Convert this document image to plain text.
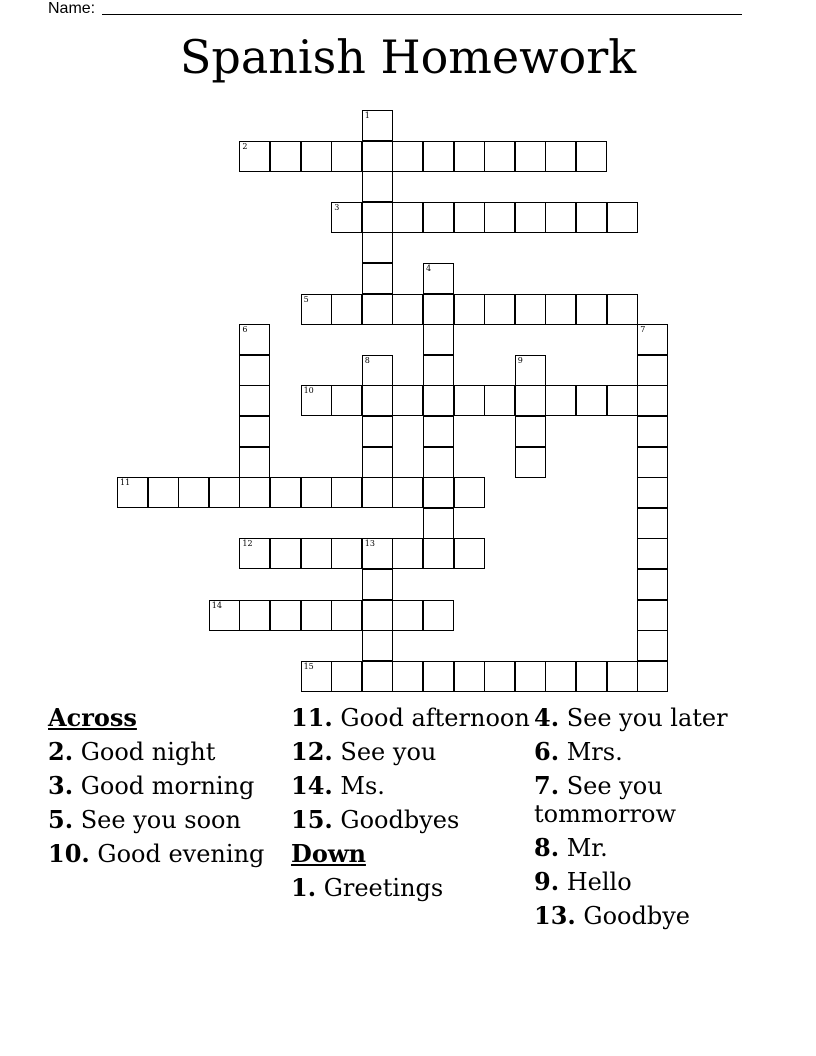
Name:
Spanish Homework
1
2
3
4
5
6	7
8	9
10
11
12	13
14
15
Across
2. Good night
3. Good morning
5. See you soon
10. Good evening
11. Good afternoon
12. See you
14. Ms.
15. Goodbyes
Down
1. Greetings
4. See you later
6. Mrs.
7. See you tommorrow
8. Mr.
9. Hello
13. Goodbye
